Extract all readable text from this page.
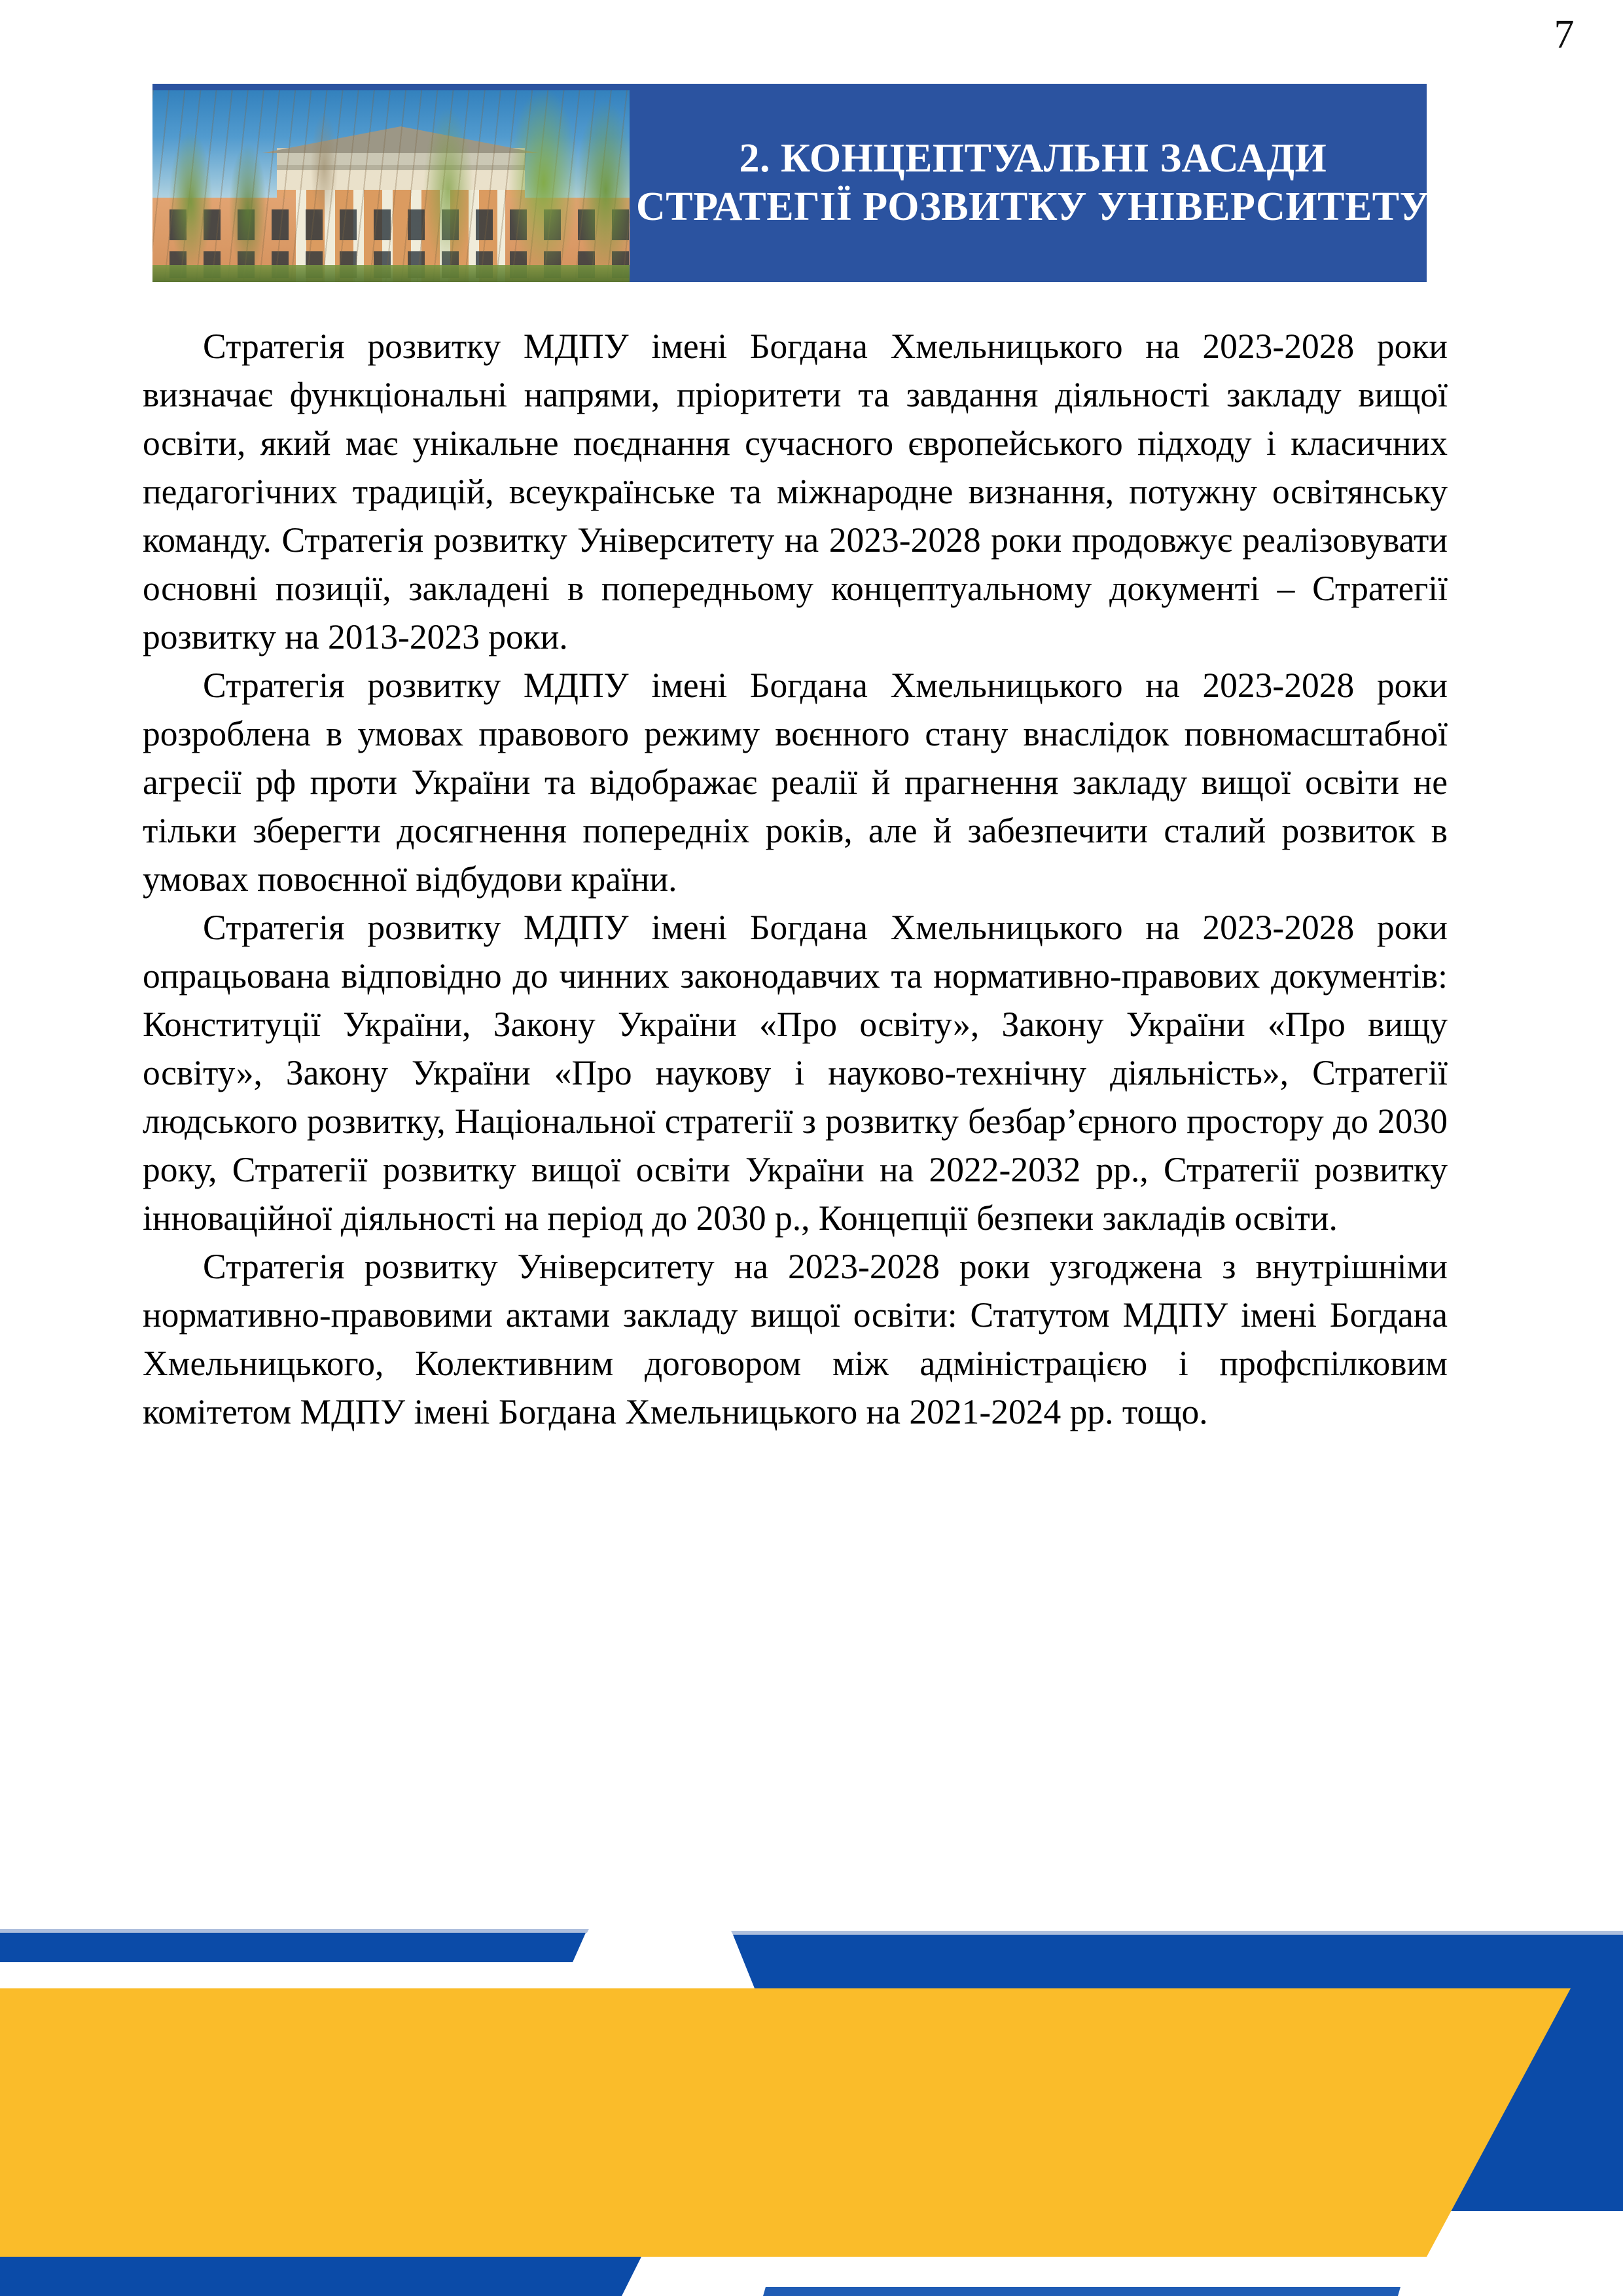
7
2. КОНЦЕПТУАЛЬНІ ЗАСАДИ
СТРАТЕГІЇ РОЗВИТКУ УНІВЕРСИТЕТУ

Стратегія розвитку МДПУ імені Богдана Хмельницького на 2023-2028 роки визначає функціональні напрями, пріоритети та завдання діяльності закладу вищої освіти, який має унікальне поєднання сучасного європейського підходу і класичних педагогічних традицій, всеукраїнське та міжнародне визнання, потужну освітянську команду. Стратегія розвитку Університету на 2023-2028 роки продовжує реалізовувати основні позиції, закладені в попередньому концептуальному документі – Стратегії розвитку на 2013-2023 роки.

Стратегія розвитку МДПУ імені Богдана Хмельницького на 2023-2028 роки розроблена в умовах правового режиму воєнного стану внаслідок повномасштабної агресії рф проти України та відображає реалії й прагнення закладу вищої освіти не тільки зберегти досягнення попередніх років, але й забезпечити сталий розвиток в умовах повоєнної відбудови країни.

Стратегія розвитку МДПУ імені Богдана Хмельницького на 2023-2028 роки опрацьована відповідно до чинних законодавчих та нормативно-правових документів: Конституції України, Закону України «Про освіту», Закону України «Про вищу освіту», Закону України «Про наукову і науково-технічну діяльність», Стратегії людського розвитку, Національної стратегії з розвитку безбар’єрного простору до 2030 року, Стратегії розвитку вищої освіти України на 2022-2032 рр., Стратегії розвитку інноваційної діяльності на період до 2030 р., Концепції безпеки закладів освіти.

Стратегія розвитку Університету на 2023-2028 роки узгоджена з внутрішніми нормативно-правовими актами закладу вищої освіти: Статутом МДПУ імені Богдана Хмельницького, Колективним договором між адміністрацією і профспілковим комітетом МДПУ імені Богдана Хмельницького на 2021-2024 рр. тощо.
